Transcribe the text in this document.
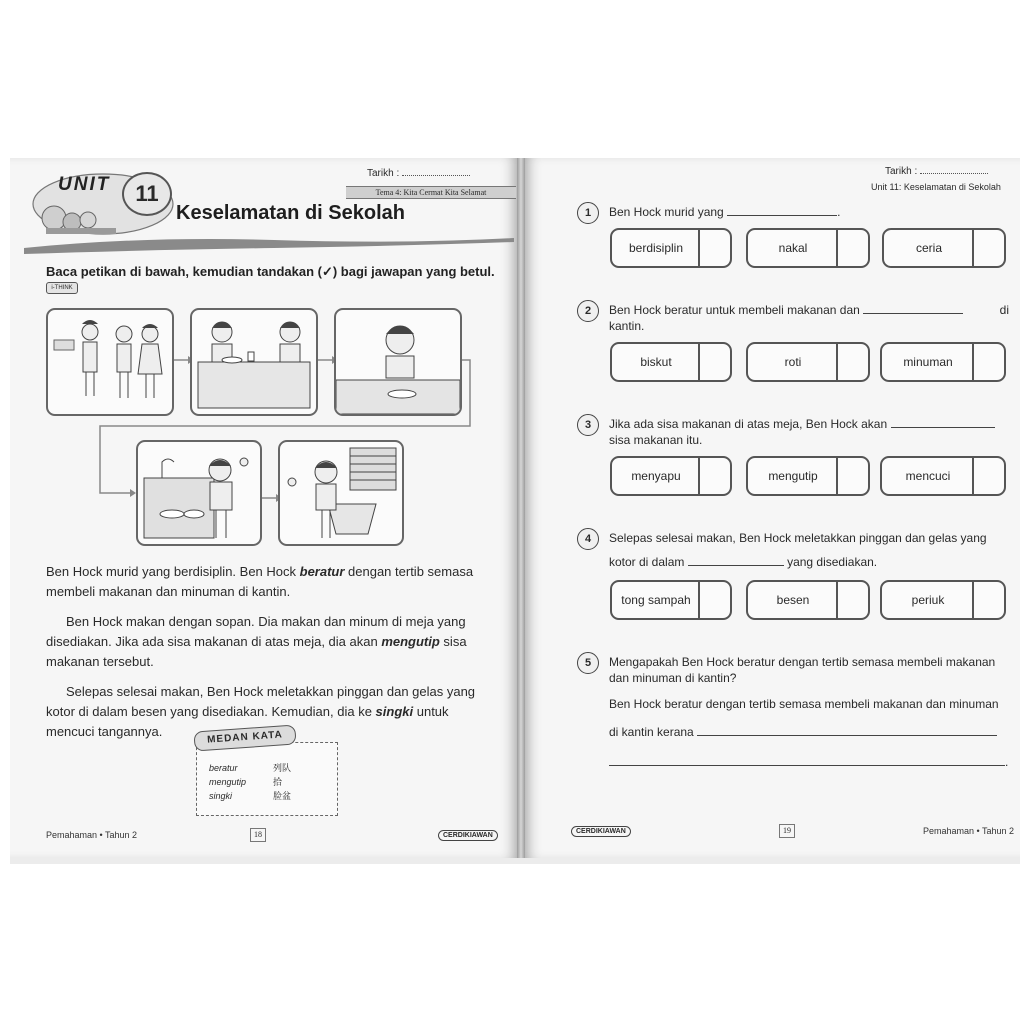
UNIT	11
Tarikh :
Tema 4: Kita Cermat Kita Selamat
Keselamatan di Sekolah
Baca petikan di bawah, kemudian tandakan (✓) bagi jawapan yang betul.
i-THINK

Ben Hock murid yang berdisiplin. Ben Hock beratur dengan tertib semasa membeli makanan dan minuman di kantin.

Ben Hock makan dengan sopan. Dia makan dan minum di meja yang disediakan. Jika ada sisa makanan di atas meja, dia akan mengutip sisa makanan tersebut.

Selepas selesai makan, Ben Hock meletakkan pinggan dan gelas yang kotor di dalam besen yang disediakan. Kemudian, dia ke singki untuk mencuci tangannya.

beratur	列队
mengutip	拾
singki	脸盆
MEDAN KATA
Pemahaman • Tahun 2	18	CERDIKIAWAN
Tarikh :
Unit 11: Keselamatan di Sekolah
1	Ben Hock murid yang	.
berdisiplin	nakal	ceria
2	Ben Hock beratur untuk membeli makanan dan	di
kantin.
biskut	roti	minuman
3	Jika ada sisa makanan di atas meja, Ben Hock akan
sisa makanan itu.
menyapu	mengutip	mencuci
4	Selepas selesai makan, Ben Hock meletakkan pinggan dan gelas yang
kotor di dalam	yang disediakan.
tong sampah	besen	periuk
5	Mengapakah Ben Hock beratur dengan tertib semasa membeli makanan
dan minuman di kantin?
Ben Hock beratur dengan tertib semasa membeli makanan dan minuman
di kantin kerana
.
CERDIKIAWAN	19	Pemahaman • Tahun 2
